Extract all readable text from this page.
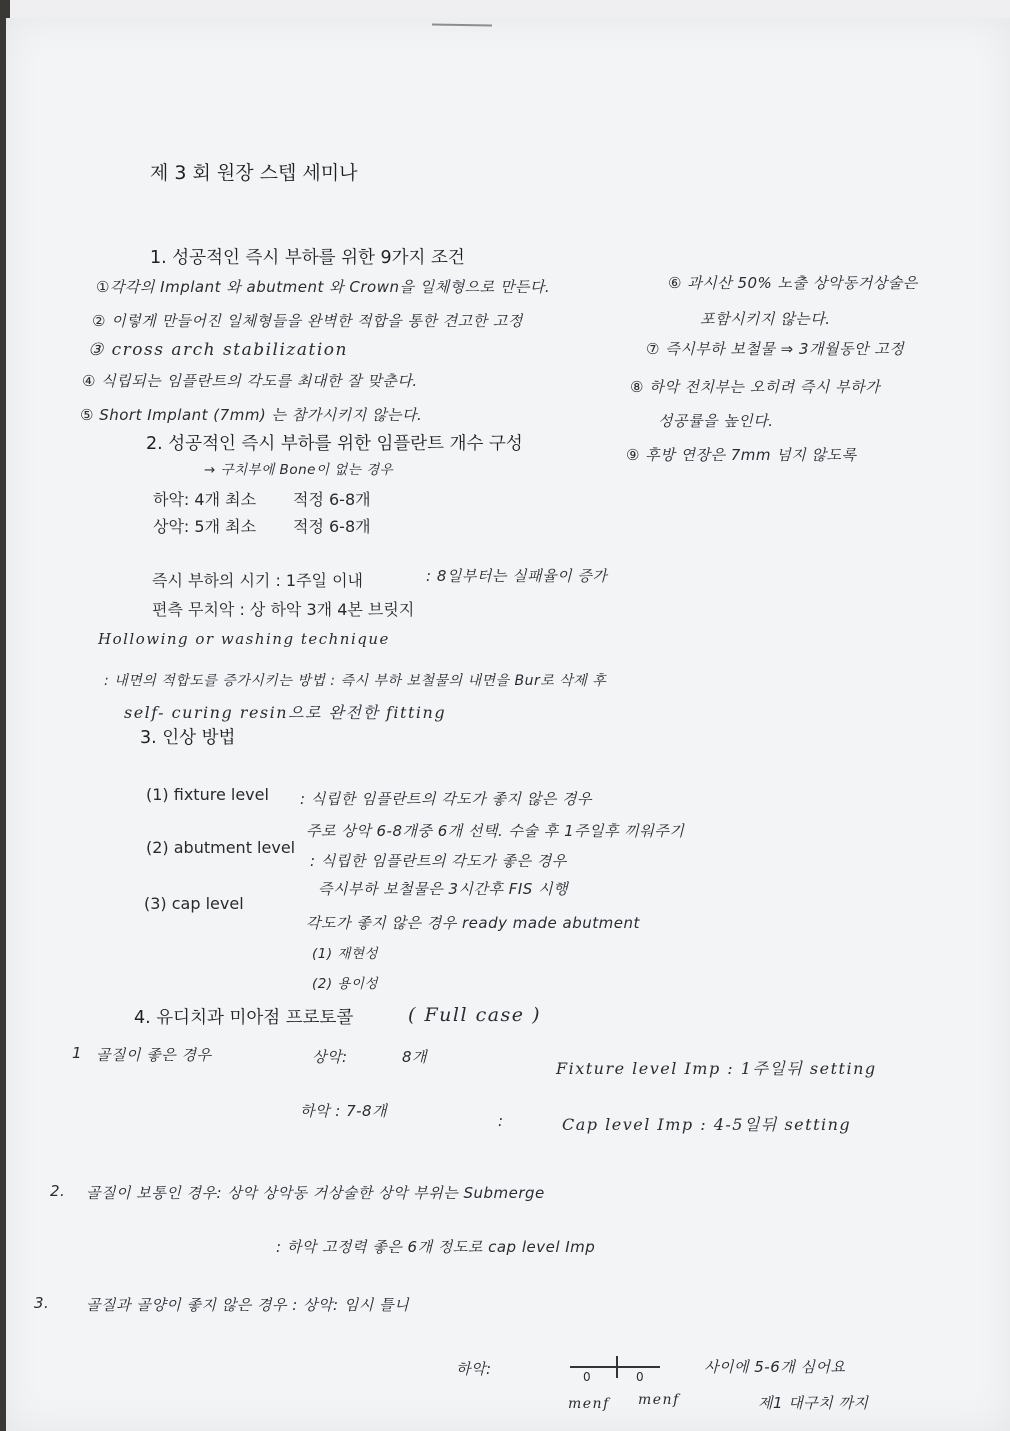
제 3 회 원장 스텝 세미나
1. 성공적인 즉시 부하를 위한 9가지 조건
①각각의 Implant 와 abutment 와 Crown을 일체형으로 만든다.
② 이렇게 만들어진 일체형들을 완벽한 적합을 통한 견고한 고정
③ cross arch stabilization
④ 식립되는 임플란트의 각도를 최대한 잘 맞춘다.
⑤ Short Implant (7mm) 는 참가시키지 않는다.
⑥ 과시산 50% 노출 상악동거상술은
포함시키지 않는다.
⑦ 즉시부하 보철물 ⇒ 3개월동안 고정
⑧ 하악 전치부는 오히려 즉시 부하가
성공률을 높인다.
⑨ 후방 연장은 7mm 넘지 않도록
2. 성공적인 즉시 부하를 위한 임플란트 개수 구성
→ 구치부에 Bone이 없는 경우
하악: 4개 최소 적정 6-8개
상악: 5개 최소 적정 6-8개
즉시 부하의 시기 : 1주일 이내	: 8일부터는 실패율이 증가
편측 무치악 : 상 하악 3개 4본 브릿지
Hollowing or washing technique
: 내면의 적합도를 증가시키는 방법 : 즉시 부하 보철물의 내면을 Bur로 삭제 후
self- curing resin으로 완전한 fitting
3. 인상 방법
(1) fixture level : 식립한 임플란트의 각도가 좋지 않은 경우
주로 상악 6-8개중 6개 선택. 수술 후 1주일후 끼워주기
(2) abutment level
: 식립한 임플란트의 각도가 좋은 경우
즉시부하 보철물은 3시간후 FIS 시행
(3) cap level
각도가 좋지 않은 경우 ready made abutment
(1) 재현성
(2) 용이성
4. 유디치과 미아점 프로토콜	( Full case )
1 골질이 좋은 경우	상악:	8개
Fixture level Imp : 1주일뒤 setting
하악 : 7-8개
:	Cap level Imp : 4-5일뒤 setting
2. 골질이 보통인 경우: 상악 상악동 거상술한 상악 부위는 Submerge
: 하악 고정력 좋은 6개 정도로 cap level Imp
3. 골질과 골양이 좋지 않은 경우 : 상악: 임시 틀니
하악:	0	0
menf menf
사이에 5-6개 심어요
제1 대구치 까지
